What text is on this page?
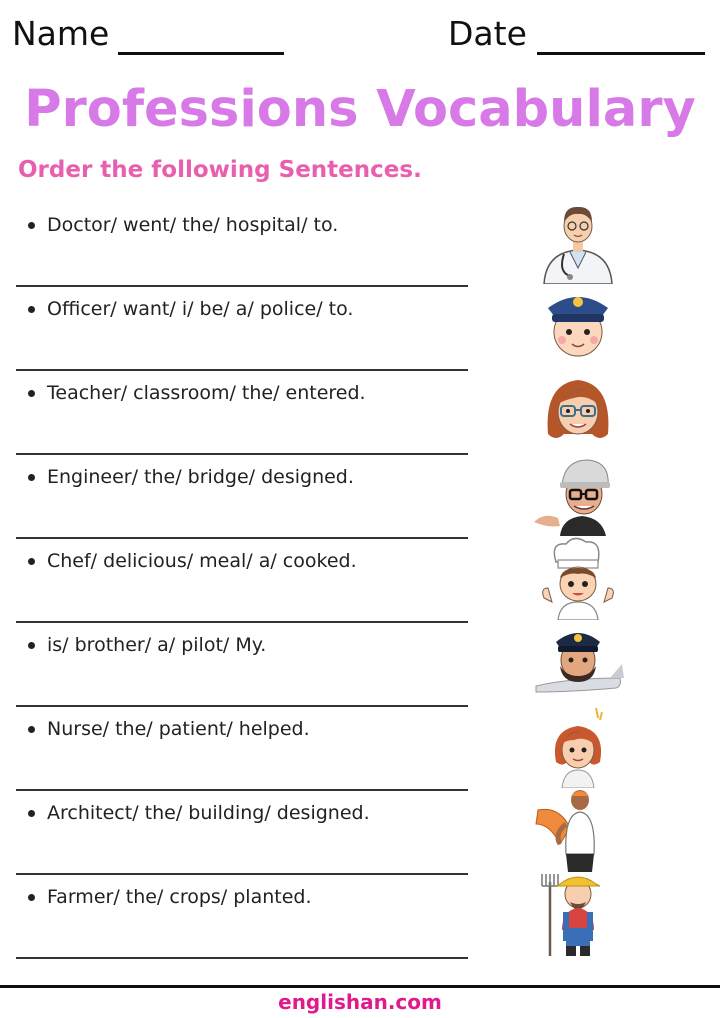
Name	Date
Professions Vocabulary
Order the following Sentences.
Doctor/ went/ the/ hospital/ to.
Officer/ want/ i/ be/ a/ police/ to.
Teacher/ classroom/ the/ entered.
Engineer/ the/ bridge/ designed.
Chef/ delicious/ meal/ a/ cooked.
is/ brother/ a/ pilot/ My.
Nurse/ the/ patient/ helped.
Architect/ the/ building/ designed.
Farmer/ the/ crops/ planted.
englishan.com
